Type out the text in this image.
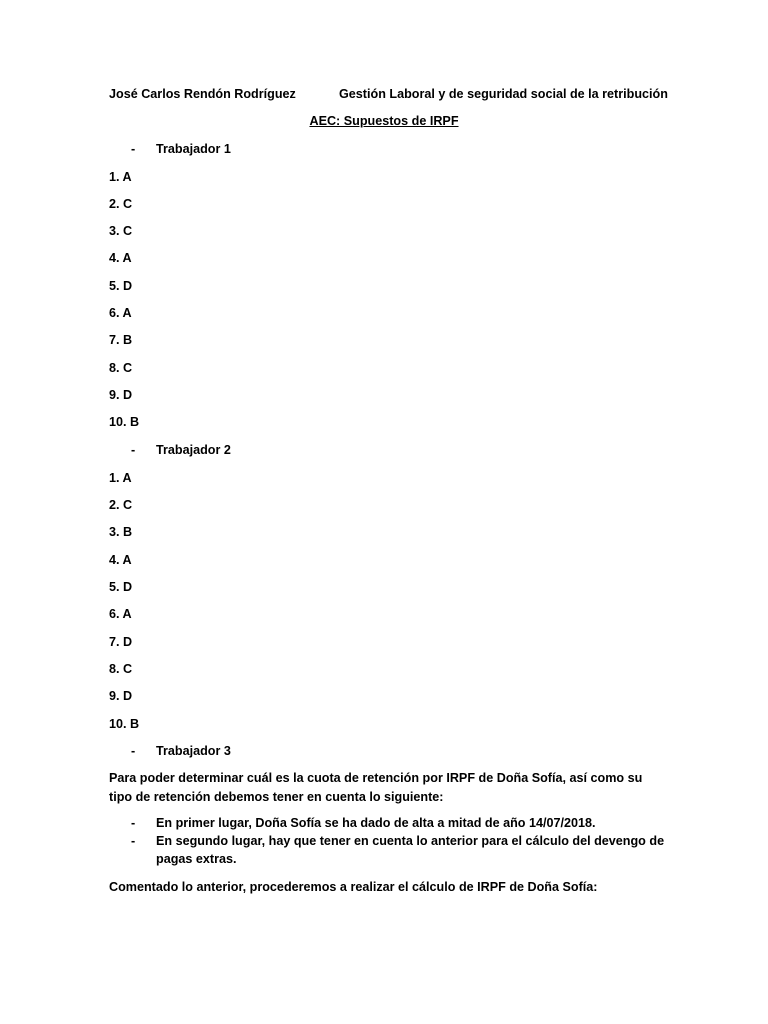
José Carlos Rendón Rodríguez	Gestión Laboral y de seguridad social de la retribución
AEC: Supuestos de IRPF
- Trabajador 1
1. A
2. C
3. C
4. A
5. D
6. A
7. B
8. C
9. D
10. B
- Trabajador 2
1. A
2. C
3. B
4. A
5. D
6. A
7. D
8. C
9. D
10. B
- Trabajador 3
Para poder determinar cuál es la cuota de retención por IRPF de Doña Sofía, así como su tipo de retención debemos tener en cuenta lo siguiente:
- En primer lugar, Doña Sofía se ha dado de alta a mitad de año 14/07/2018.
- En segundo lugar, hay que tener en cuenta lo anterior para el cálculo del devengo de pagas extras.
Comentado lo anterior, procederemos a realizar el cálculo de IRPF de Doña Sofía:
